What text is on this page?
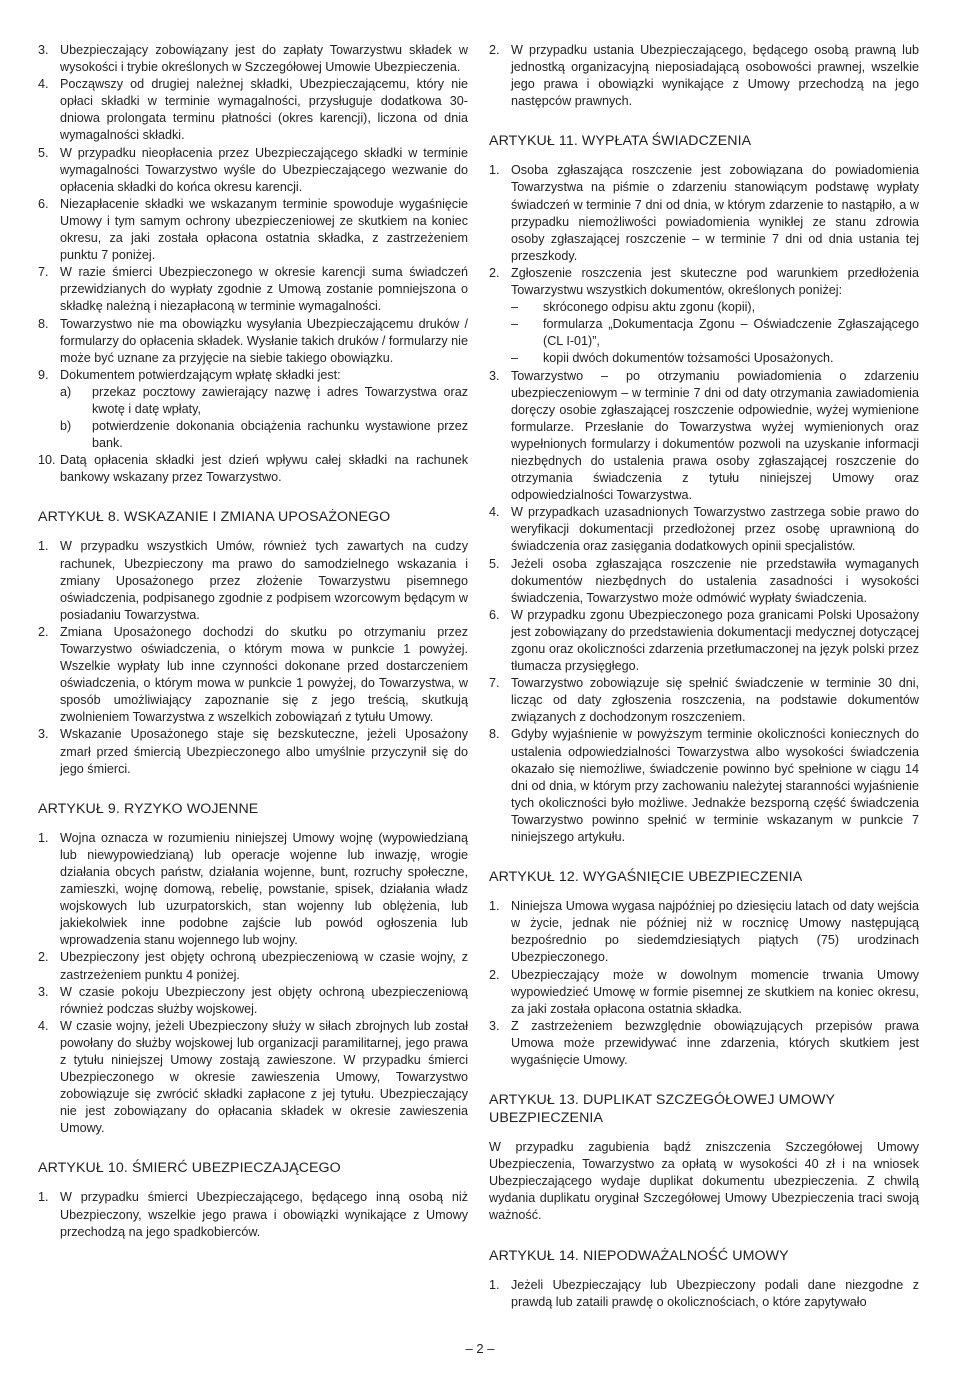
3. Ubezpieczający zobowiązany jest do zapłaty Towarzystwu składek w wysokości i trybie określonych w Szczegółowej Umowie Ubezpieczenia.
4. Począwszy od drugiej należnej składki, Ubezpieczającemu, który nie opłaci składki w terminie wymagalności, przysługuje dodatkowa 30-dniowa prolongata terminu płatności (okres karencji), liczona od dnia wymagalności składki.
5. W przypadku nieopłacenia przez Ubezpieczającego składki w terminie wymagalności Towarzystwo wyśle do Ubezpieczającego wezwanie do opłacenia składki do końca okresu karencji.
6. Niezapłacenie składki we wskazanym terminie spowoduje wygaśnięcie Umowy i tym samym ochrony ubezpieczeniowej ze skutkiem na koniec okresu, za jaki została opłacona ostatnia składka, z zastrzeżeniem punktu 7 poniżej.
7. W razie śmierci Ubezpieczonego w okresie karencji suma świadczeń przewidzianych do wypłaty zgodnie z Umową zostanie pomniejszona o składkę należną i niezapłaconą w terminie wymagalności.
8. Towarzystwo nie ma obowiązku wysyłania Ubezpieczającemu druków / formularzy do opłacenia składek. Wysłanie takich druków / formularzy nie może być uznane za przyjęcie na siebie takiego obowiązku.
9. Dokumentem potwierdzającym wpłatę składki jest:
a) przekaz pocztowy zawierający nazwę i adres Towarzystwa oraz kwotę i datę wpłaty,
b) potwierdzenie dokonania obciążenia rachunku wystawione przez bank.
10. Datą opłacenia składki jest dzień wpływu całej składki na rachunek bankowy wskazany przez Towarzystwo.
ARTYKUŁ 8. WSKAZANIE I ZMIANA UPOSAŻONEGO
1. W przypadku wszystkich Umów, również tych zawartych na cudzy rachunek, Ubezpieczony ma prawo do samodzielnego wskazania i zmiany Uposażonego przez złożenie Towarzystwu pisemnego oświadczenia, podpisanego zgodnie z podpisem wzorcowym będącym w posiadaniu Towarzystwa.
2. Zmiana Uposażonego dochodzi do skutku po otrzymaniu przez Towarzystwo oświadczenia, o którym mowa w punkcie 1 powyżej. Wszelkie wypłaty lub inne czynności dokonane przed dostarczeniem oświadczenia, o którym mowa w punkcie 1 powyżej, do Towarzystwa, w sposób umożliwiający zapoznanie się z jego treścią, skutkują zwolnieniem Towarzystwa z wszelkich zobowiązań z tytułu Umowy.
3. Wskazanie Uposażonego staje się bezskuteczne, jeżeli Uposażony zmarł przed śmiercią Ubezpieczonego albo umyślnie przyczynił się do jego śmierci.
ARTYKUŁ 9. RYZYKO WOJENNE
1. Wojna oznacza w rozumieniu niniejszej Umowy wojnę (wypowiedzianą lub niewypowiedzianą) lub operacje wojenne lub inwazję, wrogie działania obcych państw, działania wojenne, bunt, rozruchy społeczne, zamieszki, wojnę domową, rebelię, powstanie, spisek, działania władz wojskowych lub uzurpatorskich, stan wojenny lub oblężenia, lub jakiekolwiek inne podobne zajście lub powód ogłoszenia lub wprowadzenia stanu wojennego lub wojny.
2. Ubezpieczony jest objęty ochroną ubezpieczeniową w czasie wojny, z zastrzeżeniem punktu 4 poniżej.
3. W czasie pokoju Ubezpieczony jest objęty ochroną ubezpieczeniową również podczas służby wojskowej.
4. W czasie wojny, jeżeli Ubezpieczony służy w siłach zbrojnych lub został powołany do służby wojskowej lub organizacji paramilitarnej, jego prawa z tytułu niniejszej Umowy zostają zawieszone. W przypadku śmierci Ubezpieczonego w okresie zawieszenia Umowy, Towarzystwo zobowiązuje się zwrócić składki zapłacone z jej tytułu. Ubezpieczający nie jest zobowiązany do opłacania składek w okresie zawieszenia Umowy.
ARTYKUŁ 10. ŚMIERĆ UBEZPIECZAJĄCEGO
1. W przypadku śmierci Ubezpieczającego, będącego inną osobą niż Ubezpieczony, wszelkie jego prawa i obowiązki wynikające z Umowy przechodzą na jego spadkobierców.
2. W przypadku ustania Ubezpieczającego, będącego osobą prawną lub jednostką organizacyjną nieposiadającą osobowości prawnej, wszelkie jego prawa i obowiązki wynikające z Umowy przechodzą na jego następców prawnych.
ARTYKUŁ 11. WYPŁATA ŚWIADCZENIA
1. Osoba zgłaszająca roszczenie jest zobowiązana do powiadomienia Towarzystwa na piśmie o zdarzeniu stanowiącym podstawę wypłaty świadczeń w terminie 7 dni od dnia, w którym zdarzenie to nastąpiło, a w przypadku niemożliwości powiadomienia wynikłej ze stanu zdrowia osoby zgłaszającej roszczenie – w terminie 7 dni od dnia ustania tej przeszkody.
2. Zgłoszenie roszczenia jest skuteczne pod warunkiem przedłożenia Towarzystwu wszystkich dokumentów, określonych poniżej:
– skróconego odpisu aktu zgonu (kopii),
– formularza „Dokumentacja Zgonu – Oświadczenie Zgłaszającego (CL I-01)”,
– kopii dwóch dokumentów tożsamości Uposażonych.
3. Towarzystwo – po otrzymaniu powiadomienia o zdarzeniu ubezpieczeniowym – w terminie 7 dni od daty otrzymania zawiadomienia doręczy osobie zgłaszającej roszczenie odpowiednie, wyżej wymienione formularze. Przesłanie do Towarzystwa wyżej wymienionych oraz wypełnionych formularzy i dokumentów pozwoli na uzyskanie informacji niezbędnych do ustalenia prawa osoby zgłaszającej roszczenie do otrzymania świadczenia z tytułu niniejszej Umowy oraz odpowiedzialności Towarzystwa.
4. W przypadkach uzasadnionych Towarzystwo zastrzega sobie prawo do weryfikacji dokumentacji przedłożonej przez osobę uprawnioną do świadczenia oraz zasięgania dodatkowych opinii specjalistów.
5. Jeżeli osoba zgłaszająca roszczenie nie przedstawiła wymaganych dokumentów niezbędnych do ustalenia zasadności i wysokości świadczenia, Towarzystwo może odmówić wypłaty świadczenia.
6. W przypadku zgonu Ubezpieczonego poza granicami Polski Uposażony jest zobowiązany do przedstawienia dokumentacji medycznej dotyczącej zgonu oraz okoliczności zdarzenia przetłumaczonej na język polski przez tłumacza przysięgłego.
7. Towarzystwo zobowiązuje się spełnić świadczenie w terminie 30 dni, licząc od daty zgłoszenia roszczenia, na podstawie dokumentów związanych z dochodzonym roszczeniem.
8. Gdyby wyjaśnienie w powyższym terminie okoliczności koniecznych do ustalenia odpowiedzialności Towarzystwa albo wysokości świadczenia okazało się niemożliwe, świadczenie powinno być spełnione w ciągu 14 dni od dnia, w którym przy zachowaniu należytej staranności wyjaśnienie tych okoliczności było możliwe. Jednakże bezsporną część świadczenia Towarzystwo powinno spełnić w terminie wskazanym w punkcie 7 niniejszego artykułu.
ARTYKUŁ 12. WYGAŚNIĘCIE UBEZPIECZENIA
1. Niniejsza Umowa wygasa najpóźniej po dziesięciu latach od daty wejścia w życie, jednak nie później niż w rocznicę Umowy następującą bezpośrednio po siedemdziesiątych piątych (75) urodzinach Ubezpieczonego.
2. Ubezpieczający może w dowolnym momencie trwania Umowy wypowiedzieć Umowę w formie pisemnej ze skutkiem na koniec okresu, za jaki została opłacona ostatnia składka.
3. Z zastrzeżeniem bezwzględnie obowiązujących przepisów prawa Umowa może przewidywać inne zdarzenia, których skutkiem jest wygaśnięcie Umowy.
ARTYKUŁ 13. DUPLIKAT SZCZEGÓŁOWEJ UMOWY UBEZPIECZENIA

W przypadku zagubienia bądź zniszczenia Szczegółowej Umowy Ubezpieczenia, Towarzystwo za opłatą w wysokości 40 zł i na wniosek Ubezpieczającego wydaje duplikat dokumentu ubezpieczenia. Z chwilą wydania duplikatu oryginał Szczegółowej Umowy Ubezpieczenia traci swoją ważność.

ARTYKUŁ 14. NIEPODWAŻALNOŚĆ UMOWY
1. Jeżeli Ubezpieczający lub Ubezpieczony podali dane niezgodne z prawdą lub zataili prawdę o okolicznościach, o które zapytywało
– 2 –
